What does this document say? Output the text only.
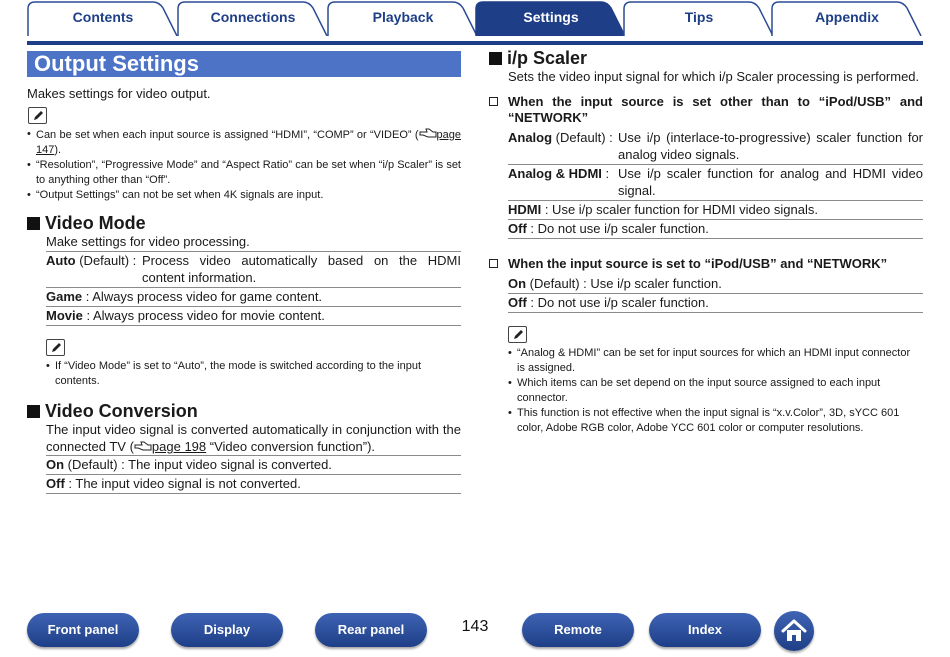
Contents	Connections	Playback	Settings	Tips	Appendix
Output Settings
Makes settings for video output.
• Can be set when each input source is assigned “HDMI”, “COMP” or “VIDEO” ( page 147).
• “Resolution”, “Progressive Mode” and “Aspect Ratio” can be set when “i/p Scaler” is set to anything other than “Off”.
• “Output Settings” can not be set when 4K signals are input.
Video Mode
Make settings for video processing.
Auto (Default) : Process video automatically based on the HDMI content information.
Game : Always process video for game content.
Movie : Always process video for movie content.
• If “Video Mode” is set to “Auto”, the mode is switched according to the input contents.
Video Conversion
The input video signal is converted automatically in conjunction with the connected TV ( page 198 “Video conversion function”).
On (Default) : The input video signal is converted.
Off : The input video signal is not converted.
i/p Scaler
Sets the video input signal for which i/p Scaler processing is performed.
When the input source is set other than to “iPod/USB” and “NETWORK”
Analog (Default) : Use i/p (interlace-to-progressive) scaler function for analog video signals.
Analog & HDMI : Use i/p scaler function for analog and HDMI video signal.
HDMI : Use i/p scaler function for HDMI video signals.
Off : Do not use i/p scaler function.
When the input source is set to “iPod/USB” and “NETWORK”
On (Default) : Use i/p scaler function.
Off : Do not use i/p scaler function.
• “Analog & HDMI” can be set for input sources for which an HDMI input connector is assigned.
• Which items can be set depend on the input source assigned to each input connector.
• This function is not effective when the input signal is “x.v.Color”, 3D, sYCC 601 color, Adobe RGB color, Adobe YCC 601 color or computer resolutions.
Front panel	Display	Rear panel	143	Remote	Index
